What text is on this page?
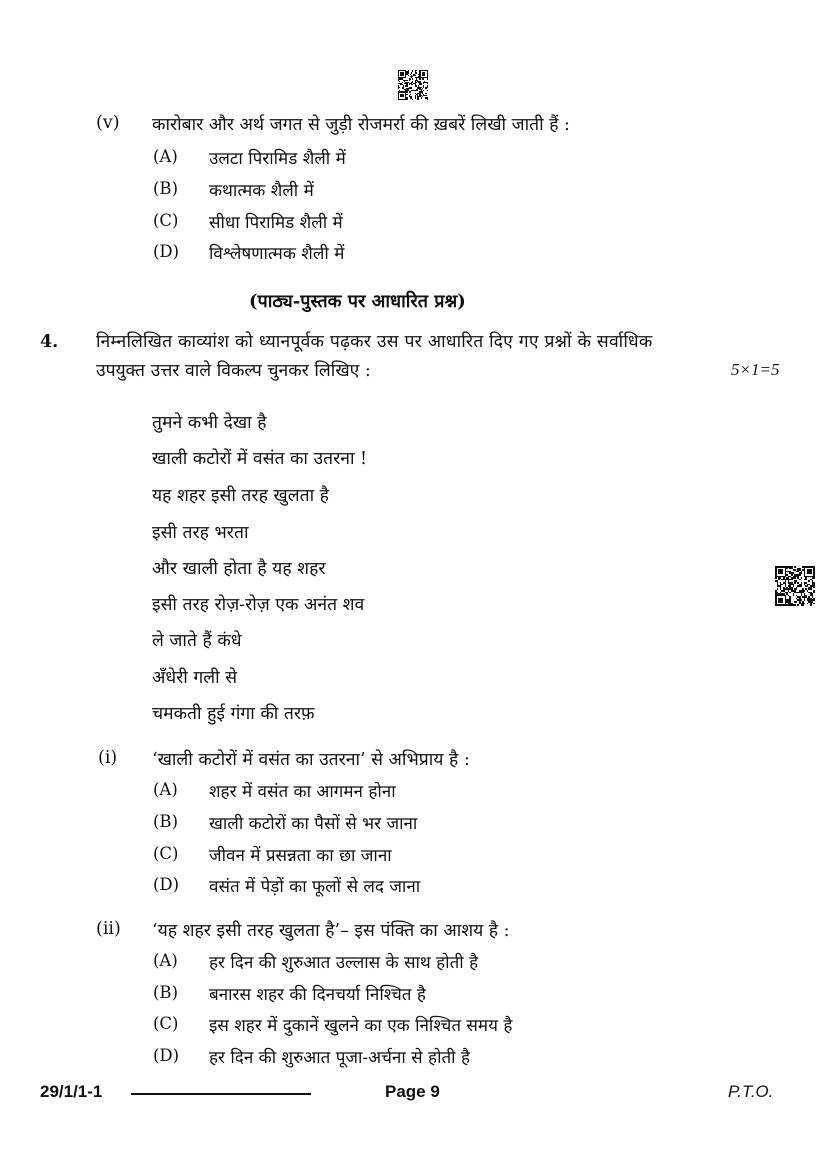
(v) कारोबार और अर्थ जगत से जुड़ी रोजमर्रा की ख़बरें लिखी जाती हैं :
(A) उलटा पिरामिड शैली में
(B) कथात्मक शैली में
(C) सीधा पिरामिड शैली में
(D) विश्लेषणात्मक शैली में
(पाठ्य-पुस्तक पर आधारित प्रश्न)
4. निम्नलिखित काव्यांश को ध्यानपूर्वक पढ़कर उस पर आधारित दिए गए प्रश्नों के सर्वाधिक
उपयुक्त उत्तर वाले विकल्प चुनकर लिखिए :	5×1=5
तुमने कभी देखा है
खाली कटोरों में वसंत का उतरना !
यह शहर इसी तरह खुलता है
इसी तरह भरता
और खाली होता है यह शहर
इसी तरह रोज़-रोज़ एक अनंत शव
ले जाते हैं कंधे
अँधेरी गली से
चमकती हुई गंगा की तरफ़
(i) ‘खाली कटोरों में वसंत का उतरना’ से अभिप्राय है :
(A) शहर में वसंत का आगमन होना
(B) खाली कटोरों का पैसों से भर जाना
(C) जीवन में प्रसन्नता का छा जाना
(D) वसंत में पेड़ों का फूलों से लद जाना
(ii) ‘यह शहर इसी तरह खुलता है’– इस पंक्ति का आशय है :
(A) हर दिन की शुरुआत उल्लास के साथ होती है
(B) बनारस शहर की दिनचर्या निश्चित है
(C) इस शहर में दुकानें खुलने का एक निश्चित समय है
(D) हर दिन की शुरुआत पूजा-अर्चना से होती है
29/1/1-1	Page 9	P.T.O.
